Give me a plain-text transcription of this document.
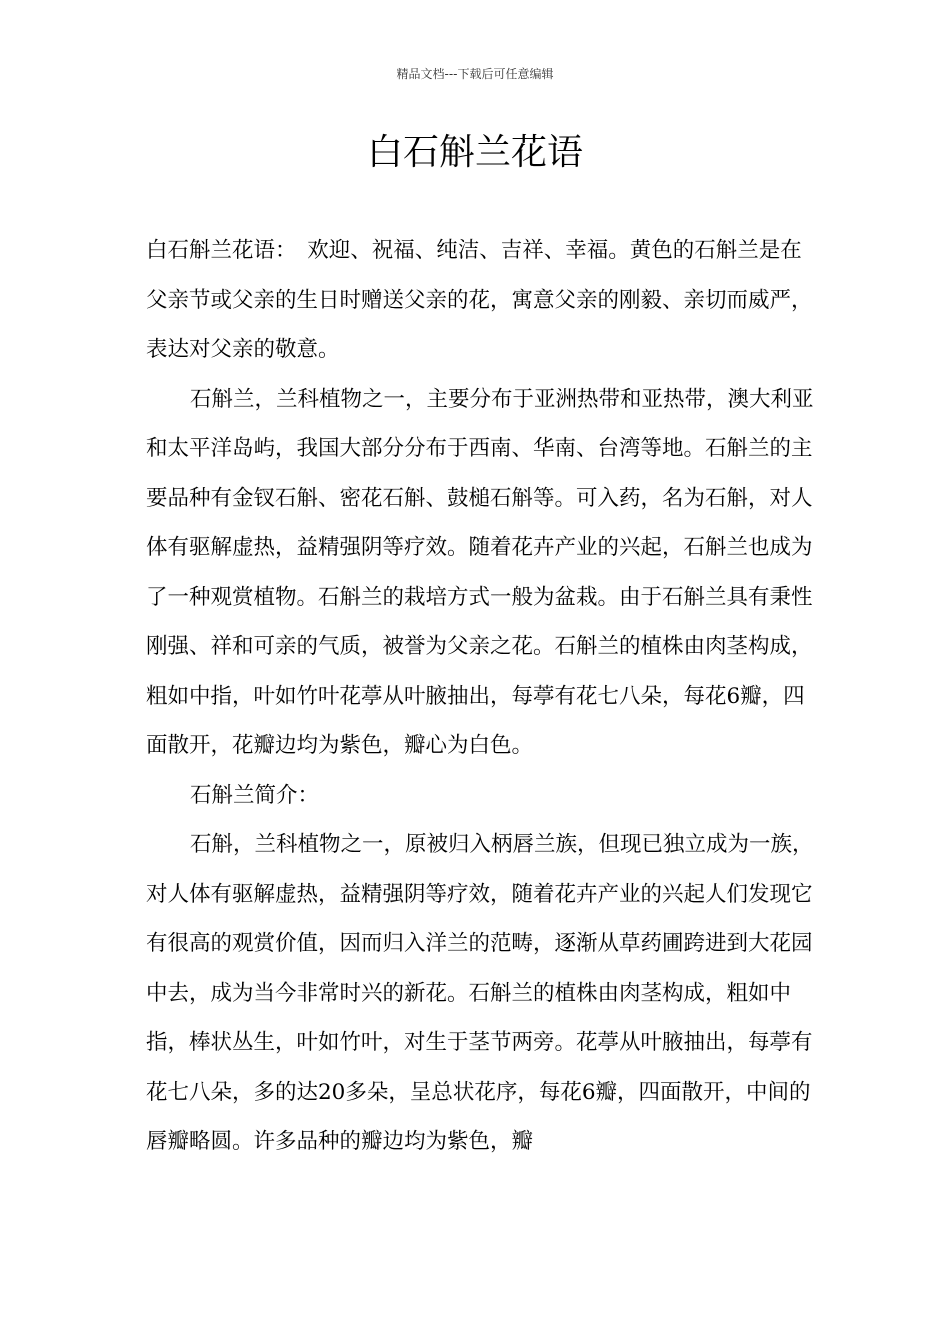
精品文档---下载后可任意编辑
白石斛兰花语

白石斛兰花语：　欢迎、祝福、纯洁、吉祥、幸福。黄色的石斛兰是在父亲节或父亲的生日时赠送父亲的花，寓意父亲的刚毅、亲切而威严，表达对父亲的敬意。

石斛兰，兰科植物之一，主要分布于亚洲热带和亚热带，澳大利亚和太平洋岛屿，我国大部分分布于西南、华南、台湾等地。石斛兰的主要品种有金钗石斛、密花石斛、鼓槌石斛等。可入药，名为石斛，对人体有驱解虚热，益精强阴等疗效。随着花卉产业的兴起，石斛兰也成为了一种观赏植物。石斛兰的栽培方式一般为盆栽。由于石斛兰具有秉性刚强、祥和可亲的气质，被誉为父亲之花。石斛兰的植株由肉茎构成，粗如中指，叶如竹叶花葶从叶腋抽出，每葶有花七八朵，每花6瓣，四面散开，花瓣边均为紫色，瓣心为白色。

石斛兰简介：

石斛，兰科植物之一，原被归入柄唇兰族，但现已独立成为一族，对人体有驱解虚热，益精强阴等疗效，随着花卉产业的兴起人们发现它有很高的观赏价值，因而归入洋兰的范畴，逐渐从草药圃跨进到大花园中去，成为当今非常时兴的新花。石斛兰的植株由肉茎构成，粗如中指，棒状丛生，叶如竹叶，对生于茎节两旁。花葶从叶腋抽出，每葶有花七八朵，多的达20多朵，呈总状花序，每花6瓣，四面散开，中间的唇瓣略圆。许多品种的瓣边均为紫色，瓣
